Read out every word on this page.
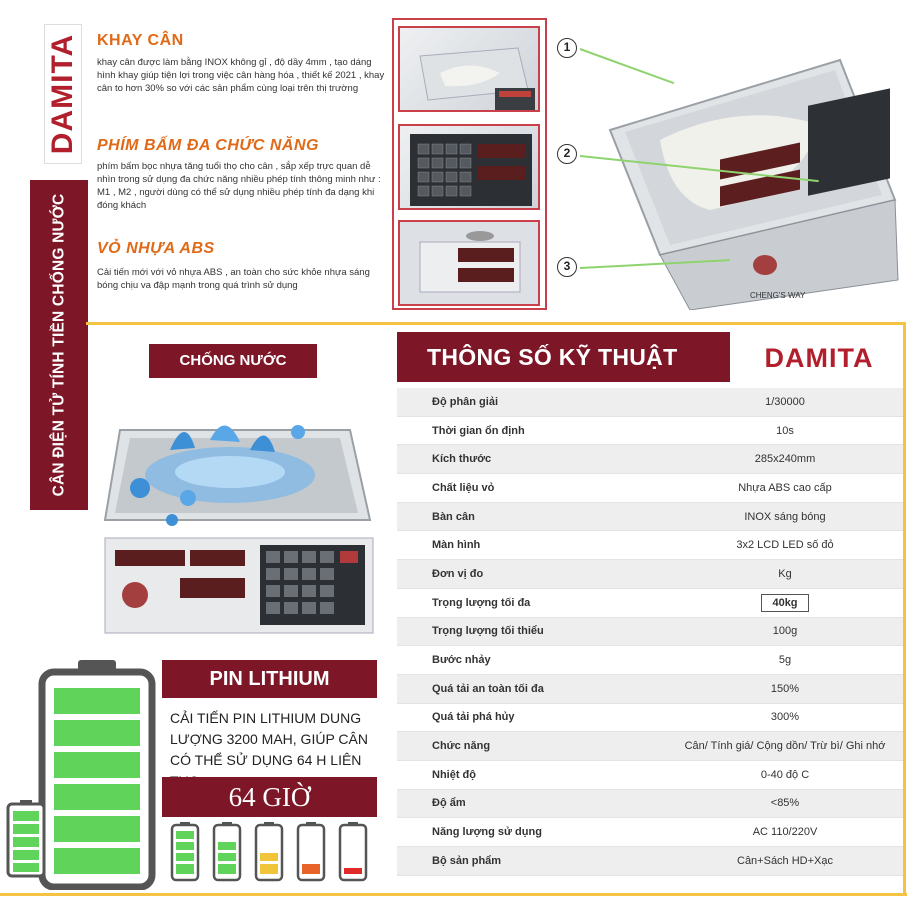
DAMITA KHAY CÂN
khay cân được làm bằng INOX không gỉ , độ dầy 4mm , tạo dáng hình khay giúp tiện lợi trong việc cân hàng hóa , thiết kế 2021 , khay cân to hơn 30% so với các sản phẩm cùng loại trên thị trường
PHÍM BẤM ĐA CHỨC NĂNG
phím bấm bọc nhựa tăng tuổi thọ cho cân , sắp xếp trực quan dễ nhìn trong sử dụng đa chức năng nhiều phép tính thông minh như : M1 , M2 , người dùng có thể sử dụng nhiều phép tính đa dạng khi đóng khách
VỎ NHỰA ABS
Cải tiến mới với vỏ nhựa ABS , an toàn cho sức khỏe nhựa sáng bóng chịu va đập mạnh trong quá trình sử dụng
CHENG'S WAY
1
2
3
CÂN ĐIỆN TỬ TÍNH TIỀN CHỐNG NƯỚC	CHỐNG NƯỚC
PIN LITHIUM
CẢI TIẾN PIN LITHIUM DUNG LƯỢNG 3200 MAH, GIÚP CÂN CÓ THỂ SỬ DỤNG 64 H LIÊN
64 GIỜ
THÔNG SỐ KỸ THUẬT	DAMITA
Độ phân giải	1/30000
Thời gian ổn định	10s
Kích thước	285x240mm
Chất liệu vỏ	Nhựa ABS cao cấp
Bàn cân	INOX sáng bóng
Màn hình	3x2 LCD LED số đỏ
Đơn vị đo	Kg
Trọng lượng tối đa	40kg
Trọng lượng tối thiểu	100g
Bước nhảy	5g
Quá tải an toàn tối đa	150%
Quá tải phá hủy	300%
Chức năng	Cân/ Tính giá/ Cộng dồn/ Trừ bì/ Ghi nhớ
Nhiệt độ	0-40 độ C
Độ ẩm	<85%
Năng lượng sử dụng	AC 110/220V
Bộ sản phẩm	Cân+Sách HD+Xạc
